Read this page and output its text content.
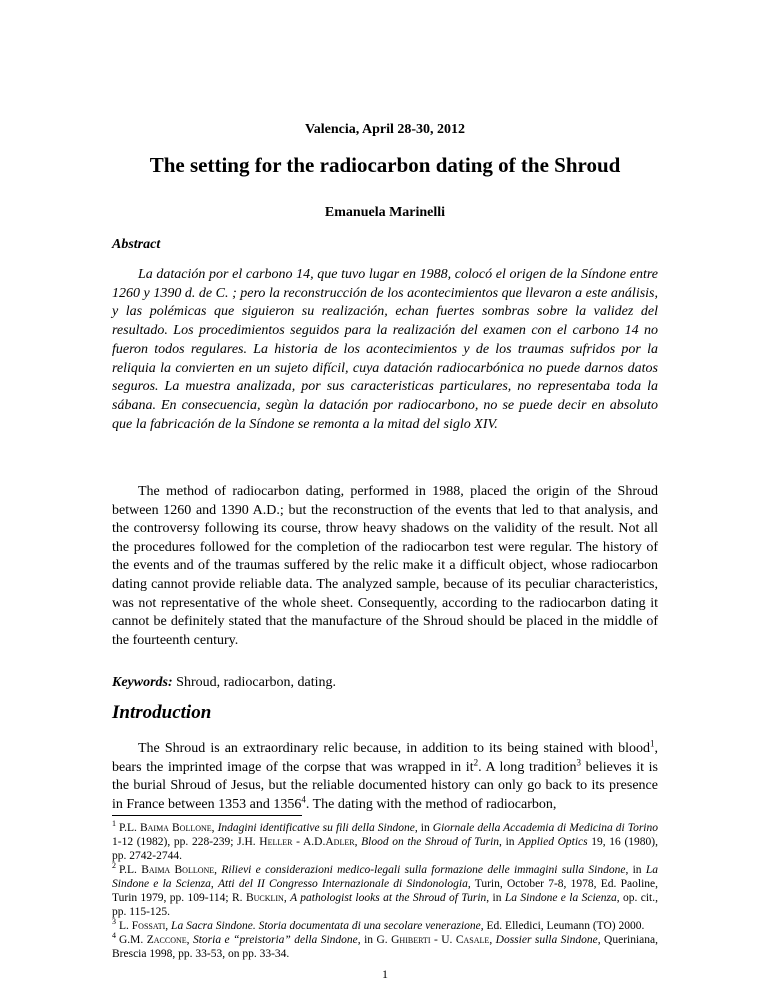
Valencia, April 28-30, 2012
The setting for the radiocarbon dating of the Shroud
Emanuela Marinelli
Abstract

La datación por el carbono 14, que tuvo lugar en 1988, colocó el origen de la Síndone entre 1260 y 1390 d. de C. ; pero la reconstrucción de los acontecimientos que llevaron a este análisis, y las polémicas que siguieron su realización, echan fuertes sombras sobre la validez del resultado. Los procedimientos seguidos para la realización del examen con el carbono 14 no fueron todos regulares. La historia de los acontecimientos y de los traumas sufridos por la reliquia la convierten en un sujeto difícil, cuya datación radiocarbónica no puede darnos datos seguros. La muestra analizada, por sus caracteristicas particulares, no representaba toda la sábana. En consecuencia, segùn la datación por radiocarbono, no se puede decir en absoluto que la fabricación de la Síndone se remonta a la mitad del siglo XIV.

The method of radiocarbon dating, performed in 1988, placed the origin of the Shroud between 1260 and 1390 A.D.; but the reconstruction of the events that led to that analysis, and the controversy following its course, throw heavy shadows on the validity of the result. Not all the procedures followed for the completion of the radiocarbon test were regular. The history of the events and of the traumas suffered by the relic make it a difficult object, whose radiocarbon dating cannot provide reliable data. The analyzed sample, because of its peculiar characteristics, was not representative of the whole sheet. Consequently, according to the radiocarbon dating it cannot be definitely stated that the manufacture of the Shroud should be placed in the middle of the fourteenth century.

Keywords: Shroud, radiocarbon, dating.
Introduction

The Shroud is an extraordinary relic because, in addition to its being stained with blood$^1$, bears the imprinted image of the corpse that was wrapped in $it^2$. A long tradition$^3$ believes it is the burial Shroud of Jesus, but the reliable documented history can only go back to its presence in France between 1353 and 1356$^4$. The dating with the method of radiocarbon,

$^1$ P.L. Baima Bollone, Indagini identificative su fili della Sindone, in Giornale della Accademia di Medicina di Torino 1-12 (1982), pp. 228-239; J.H. Heller - A.D.Adler, Blood on the Shroud of Turin, in Applied Optics 19, 16 (1980), pp. 2742-2744.

$^2$ P.L. Baima Bollone, Rilievi e considerazioni medico-legali sulla formazione delle immagini sulla Sindone, in La Sindone e la Scienza, Atti del II Congresso Internazionale di Sindonologia, Turin, October 7-8, 1978, Ed. Paoline, Turin 1979, pp. 109-114; R. Bucklin, A pathologist looks at the Shroud of Turin, in La Sindone e la Scienza, op. cit., pp. 115-125.

$^3$ L. Fossati, La Sacra Sindone. Storia documentata di una secolare venerazione, Ed. Elledici, Leumann (TO) 2000.

$^4$ G.M. Zaccone, Storia e “preistoria” della Sindone, in G. Ghiberti - U. Casale, Dossier sulla Sindone, Queriniana, Brescia 1998, pp. 33-53, on pp. 33-34.

1
